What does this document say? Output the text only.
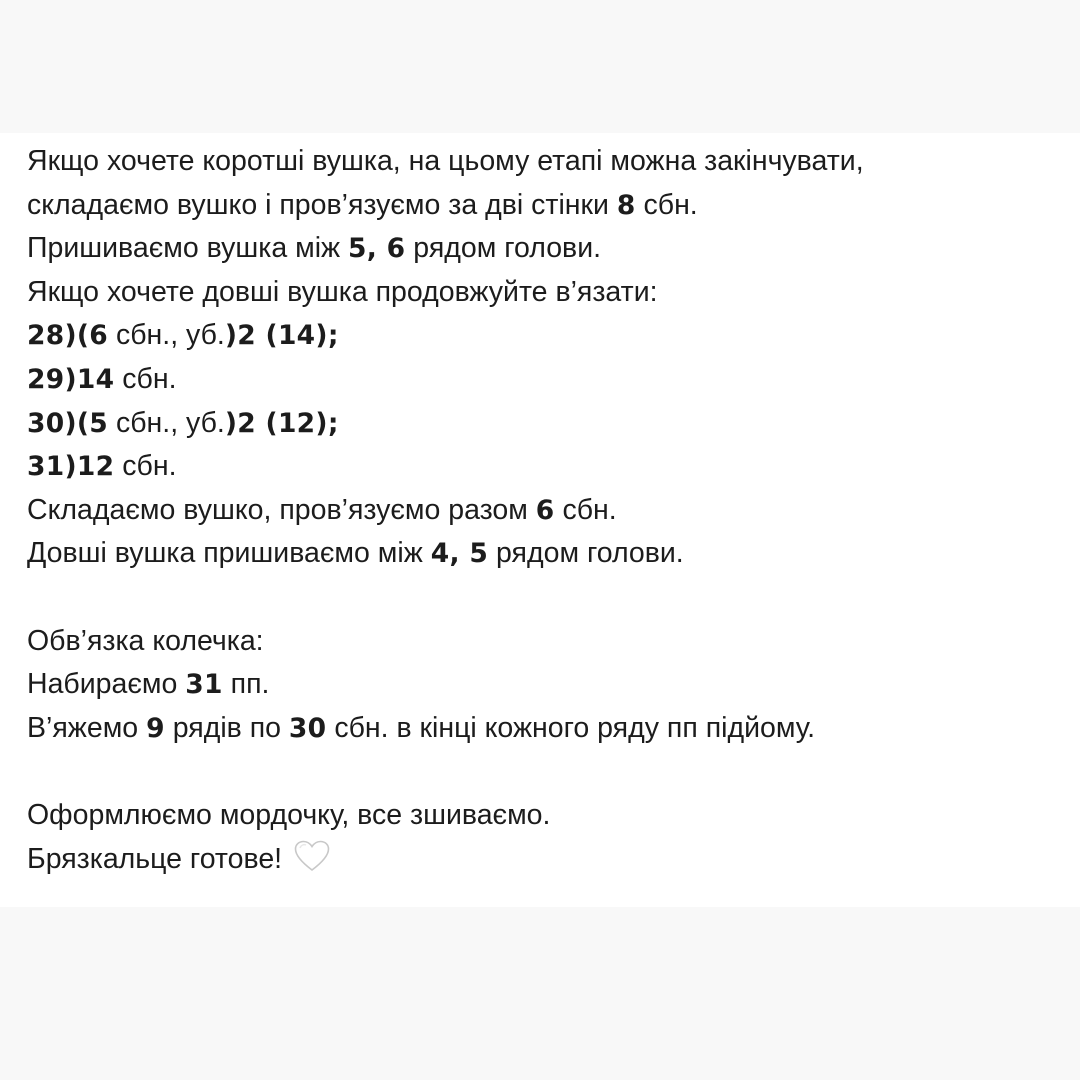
Якщо хочете коротші вушка, на цьому етапі можна закінчувати,
складаємо вушко і пров’язуємо за дві стінки 8 сбн.
Пришиваємо вушка між 5, 6 рядом голови.
Якщо хочете довші вушка продовжуйте в’язати:
28)(6 сбн., уб.)2 (14);
29)14 сбн.
30)(5 сбн., уб.)2 (12);
31)12 сбн.
Складаємо вушко, пров’язуємо разом 6 сбн.
Довші вушка пришиваємо між 4, 5 рядом голови.
Обв’язка колечка:
Набираємо 31 пп.
В’яжемо 9 рядів по 30 сбн. в кінці кожного ряду пп підйому.
Оформлюємо мордочку, все зшиваємо.
Брязкальце готове!
